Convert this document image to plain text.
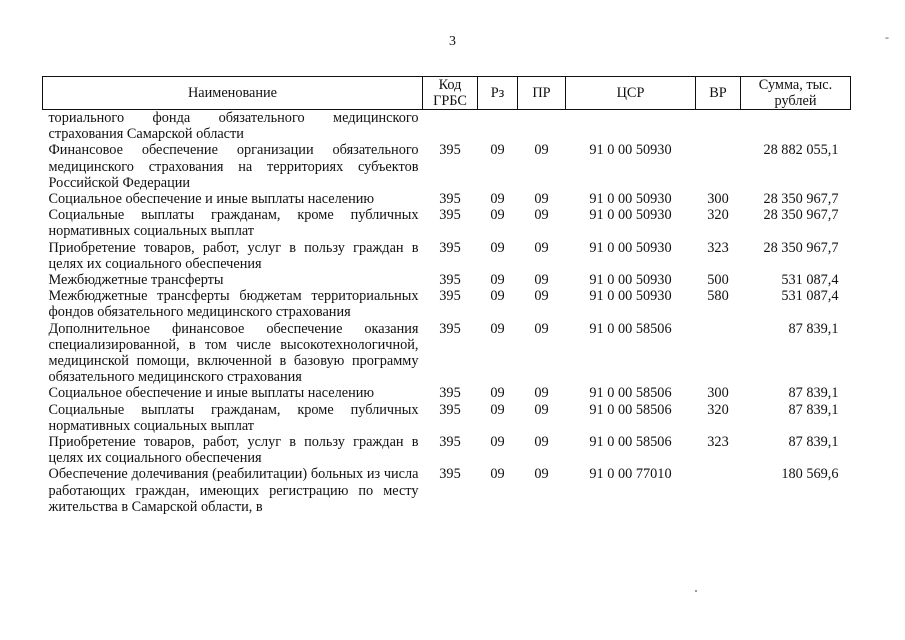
3	-
Наименование	Код ГРБС	Рз	ПР	ЦСР	ВР	Сумма, тыс. рублей
ториального фонда обязательного медицинского страхования Самарской области						
Финансовое обеспечение организации обязательного медицинского страхования на территориях субъектов Российской Федерации	395	09	09	91 0 00 50930		28 882 055,1
Социальное обеспечение и иные выплаты населению	395	09	09	91 0 00 50930	300	28 350 967,7
Социальные выплаты гражданам, кроме публичных нормативных социальных выплат	395	09	09	91 0 00 50930	320	28 350 967,7
Приобретение товаров, работ, услуг в пользу граждан в целях их социального обеспечения	395	09	09	91 0 00 50930	323	28 350 967,7
Межбюджетные трансферты	395	09	09	91 0 00 50930	500	531 087,4
Межбюджетные трансферты бюджетам территориальных фондов обязательного медицинского страхования	395	09	09	91 0 00 50930	580	531 087,4
Дополнительное финансовое обеспечение оказания специализированной, в том числе высокотехнологичной, медицинской помощи, включенной в базовую программу обязательного медицинского страхования	395	09	09	91 0 00 58506		87 839,1
Социальное обеспечение и иные выплаты населению	395	09	09	91 0 00 58506	300	87 839,1
Социальные выплаты гражданам, кроме публичных нормативных социальных выплат	395	09	09	91 0 00 58506	320	87 839,1
Приобретение товаров, работ, услуг в пользу граждан в целях их социального обеспечения	395	09	09	91 0 00 58506	323	87 839,1
Обеспечение долечивания (реабилитации) больных из числа работающих граждан, имеющих регистрацию по месту жительства в Самарской области, в	395	09	09	91 0 00 77010		180 569,6
